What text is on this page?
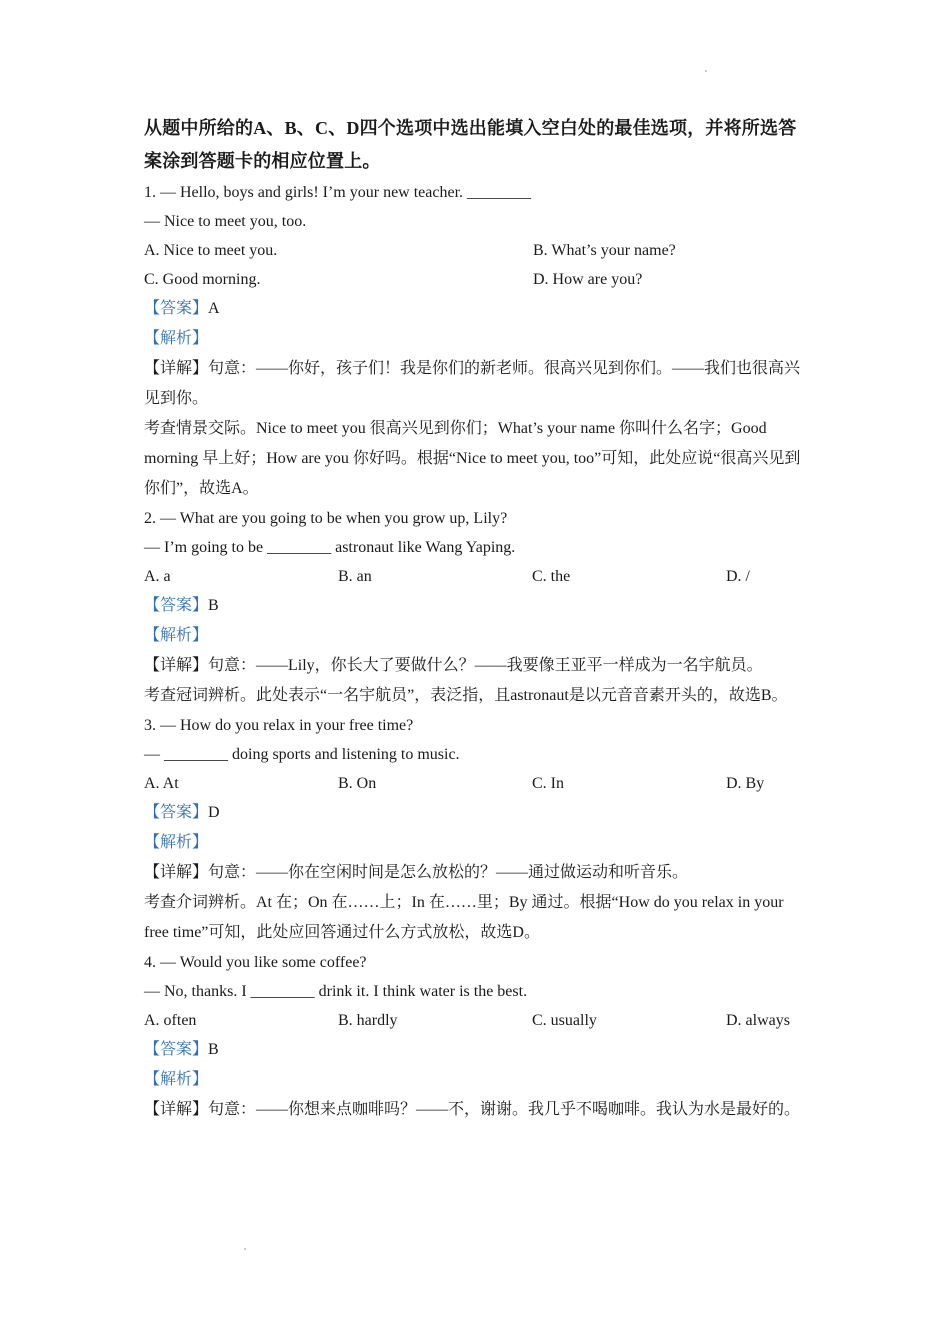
从题中所给的A、B、C、D四个选项中选出能填入空白处的最佳选项，并将所选答案涂到答题卡的相应位置上。

1. — Hello, boys and girls! I’m your new teacher. ________

— Nice to meet you, too.

A. Nice to meet you.	B. What’s your name?
C. Good morning.	D. How are you?
【答案】A
【解析】

【详解】句意：——你好，孩子们！我是你们的新老师。很高兴见到你们。——我们也很高兴见到你。

考查情景交际。Nice to meet you 很高兴见到你们；What’s your name 你叫什么名字；Good morning 早上好；How are you 你好吗。根据“Nice to meet you, too”可知，此处应说“很高兴见到你们”，故选A。

2. — What are you going to be when you grow up, Lily?

— I’m going to be ________ astronaut like Wang Yaping.

A. a	B. an	C. the	D. /
【答案】B
【解析】

【详解】句意：——Lily，你长大了要做什么？——我要像王亚平一样成为一名宇航员。

考查冠词辨析。此处表示“一名宇航员”，表泛指，且astronaut是以元音音素开头的，故选B。

3. — How do you relax in your free time?

— ________ doing sports and listening to music.

A. At	B. On	C. In	D. By
【答案】D
【解析】

【详解】句意：——你在空闲时间是怎么放松的？——通过做运动和听音乐。

考查介词辨析。At 在；On 在……上；In 在……里；By 通过。根据“How do you relax in your free time”可知，此处应回答通过什么方式放松，故选D。

4. — Would you like some coffee?

— No, thanks. I ________ drink it. I think water is the best.

A. often	B. hardly	C. usually	D. always
【答案】B
【解析】

【详解】句意：——你想来点咖啡吗？——不，谢谢。我几乎不喝咖啡。我认为水是最好的。
